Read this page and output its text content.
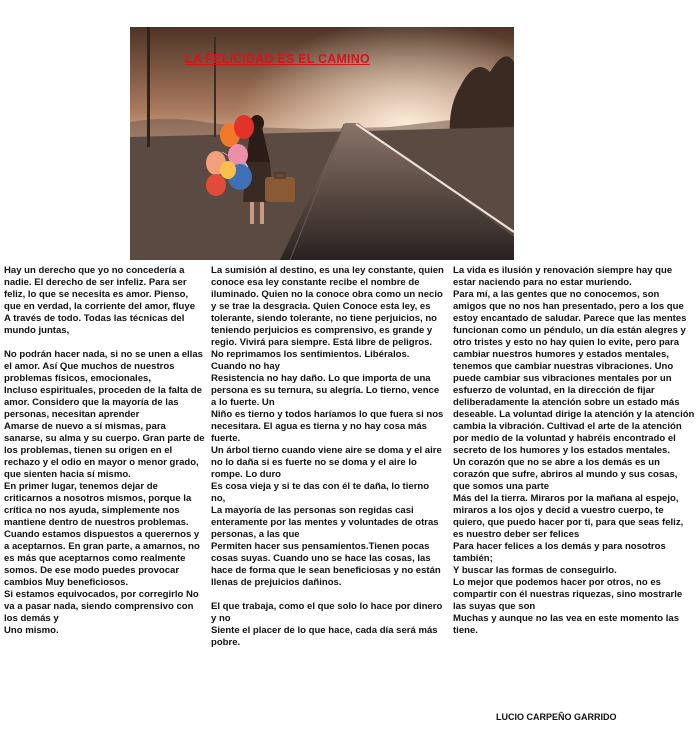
LA FELICIDAD ES EL CAMINO

Hay un derecho que yo no concedería a nadie. El derecho de ser infeliz. Para ser feliz, lo que se necesita es amor. Pienso, que en verdad, la corriente del amor, fluye
A través de todo. Todas las técnicas del mundo juntas,

No podrán hacer nada, si no se unen a ellas el amor. Así Que muchos de nuestros problemas físicos, emocionales,
Incluso espirituales, proceden de la falta de amor. Considero que la mayoría de las personas, necesitan aprender
Amarse de nuevo a sí mismas, para sanarse, su alma y su cuerpo. Gran parte de los problemas, tienen su origen en el rechazo y el odio en mayor o menor grado, que sienten hacia sí mismo.
En primer lugar, tenemos dejar de criticarnos a nosotros mismos, porque la crítica no nos ayuda, simplemente nos mantiene dentro de nuestros problemas.
Cuando estamos dispuestos a querernos y a aceptarnos. En gran parte, a amarnos, no es más que aceptarnos como realmente somos. De ese modo puedes provocar cambios Muy beneficiosos.
Si estamos equivocados, por corregirlo No va a pasar nada, siendo comprensivo con los demás y
Uno mismo.

La sumisión al destino, es una ley constante, quien conoce esa ley constante recibe el nombre de iluminado. Quien no la conoce obra como un necio y se trae la desgracia. Quien Conoce esta ley, es tolerante, siendo tolerante, no tiene perjuicios, no teniendo perjuicios es comprensivo, es grande y regio. Vivirá para siempre. Está libre de peligros.
No reprimamos los sentimientos. Libéralos. Cuando no hay
Resistencia no hay daño. Lo que importa de una persona es su ternura, su alegría. Lo tierno, vence a lo fuerte. Un
Niño es tierno y todos haríamos lo que fuera si nos necesitara. El agua es tierna y no hay cosa más fuerte.
Un árbol tierno cuando viene aire se doma y el aire no lo daña si es fuerte no se doma y el aire lo rompe. Lo duro
Es cosa vieja y si te das con él te daña, lo tierno no,
La mayoría de las personas son regidas casi enteramente por las mentes y voluntades de otras personas, a las que
Permiten hacer sus pensamientos.Tienen pocas cosas suyas. Cuando uno se hace las cosas, las hace de forma que le sean beneficiosas y no están llenas de prejuicios dañinos.

El que trabaja, como el que solo lo hace por dinero y no
Siente el placer de lo que hace, cada día será más pobre.

La vida es ilusión y renovación siempre hay que estar naciendo para no estar muriendo.
Para mí, a las gentes que no conocemos, son amigos que no nos han presentado, pero a los que estoy encantado de saludar. Parece que las mentes funcionan como un péndulo, un día están alegres y otro tristes y esto no hay quien lo evite, pero para cambiar nuestros humores y estados mentales, tenemos que cambiar nuestras vibraciones. Uno puede cambiar sus vibraciones mentales por un esfuerzo de voluntad, en la dirección de fijar deliberadamente la atención sobre un estado más deseable. La voluntad dirige la atención y la atención cambia la vibración. Cultivad el arte de la atención por medio de la voluntad y habréis encontrado el secreto de los humores y los estados mentales.
Un corazón que no se abre a los demás es un corazón que sufre, abriros al mundo y sus cosas, que somos una parte
Más del la tierra. Miraros por la mañana al espejo, miraros a los ojos y decid a vuestro cuerpo, te quiero, que puedo hacer por ti, para que seas feliz, es nuestro deber ser felices
Para hacer felices a los demás y para nosotros también;
Y buscar las formas de conseguirlo.
Lo mejor que podemos hacer por otros, no es compartir con él nuestras riquezas, sino mostrarle las suyas que son
Muchas y aunque no las vea en este momento las tiene.

LUCIO CARPEÑO GARRIDO
